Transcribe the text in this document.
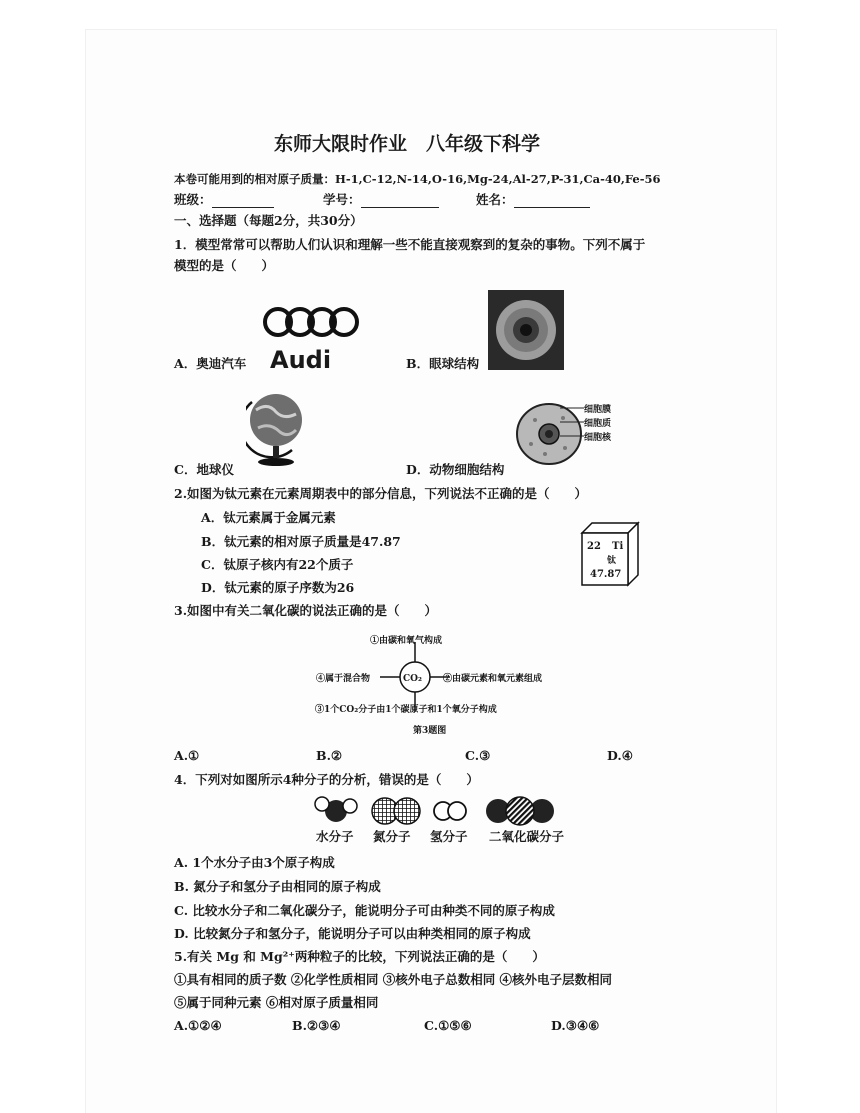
东师大限时作业　八年级下科学
本卷可能用到的相对原子质量：H-1,C-12,N-14,O-16,Mg-24,Al-27,P-31,Ca-40,Fe-56
班级：	学号：	姓名：
一、选择题（每题2分，共30分）
1．模型常常可以帮助人们认识和理解一些不能直接观察到的复杂的事物。下列不属于
模型的是（　　）
A．奥迪汽车 Audi	B．眼球结构
C．地球仪
细胞膜
细胞质
细胞核
D．动物细胞结构
2.如图为钛元素在元素周期表中的部分信息，下列说法不正确的是（　　）
A．钛元素属于金属元素
B．钛元素的相对原子质量是47.87
C．钛原子核内有22个质子
D．钛元素的原子序数为26
22 Ti
钛
47.87
3.如图中有关二氧化碳的说法正确的是（　　）
CO₂
①由碳和氧气构成
②由碳元素和氧元素组成
③1个CO₂分子由1个碳原子和1个氧分子构成
④属于混合物
第3题图
A.①	B.②	C.③	D.④
4．下列对如图所示4种分子的分析，错误的是（　　）
水分子 氮分子 氢分子 二氧化碳分子
A. 1个水分子由3个原子构成
B. 氮分子和氢分子由相同的原子构成
C. 比较水分子和二氧化碳分子，能说明分子可由种类不同的原子构成
D. 比较氮分子和氢分子，能说明分子可以由种类相同的原子构成
5.有关 Mg 和 Mg²⁺两种粒子的比较，下列说法正确的是（　　）
①具有相同的质子数 ②化学性质相同 ③核外电子总数相同 ④核外电子层数相同
⑤属于同种元素 ⑥相对原子质量相同
A.①②④	B.②③④	C.①⑤⑥	D.③④⑥
